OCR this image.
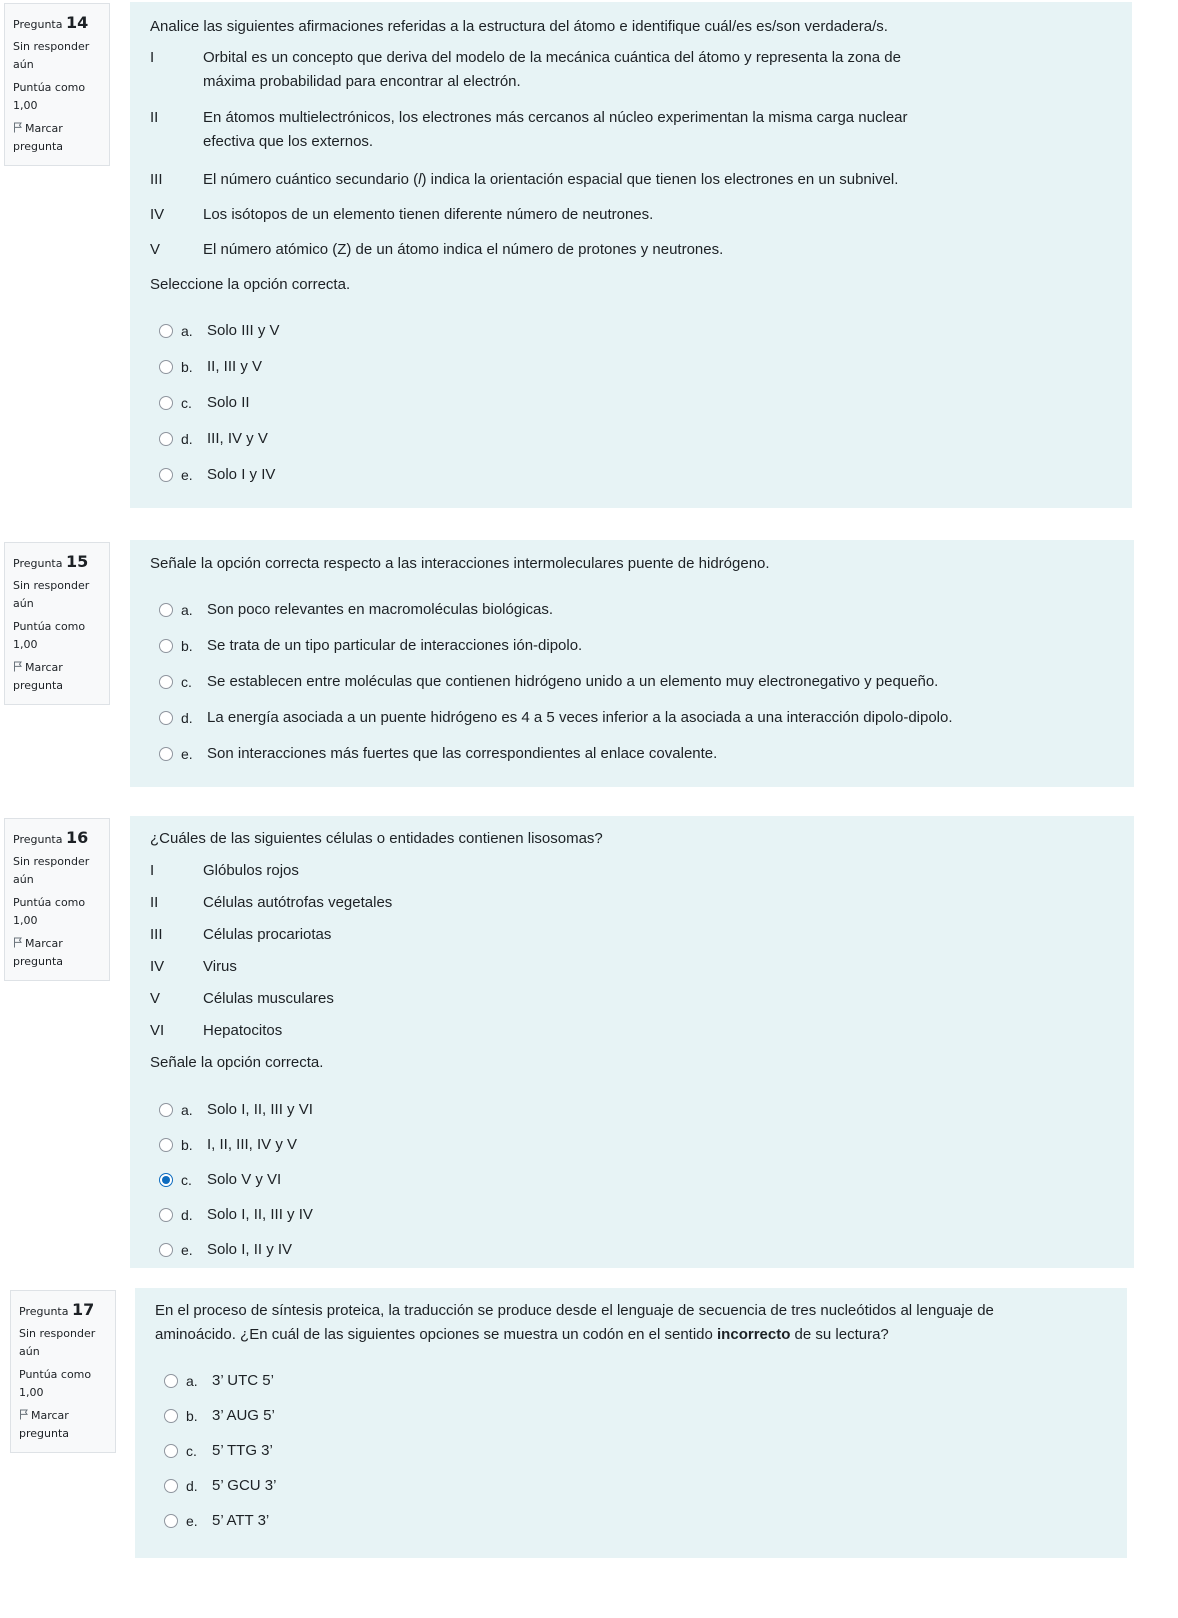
Pregunta 14
Sin responder aún
Puntúa como 1,00
Marcar pregunta

Analice las siguientes afirmaciones referidas a la estructura del átomo e identifique cuál/es es/son verdadera/s.

I	Orbital es un concepto que deriva del modelo de la mecánica cuántica del átomo y representa la zona de máxima probabilidad para encontrar al electrón.
II	En átomos multielectrónicos, los electrones más cercanos al núcleo experimentan la misma carga nuclear efectiva que los externos.
III	El número cuántico secundario (l) indica la orientación espacial que tienen los electrones en un subnivel.
IV	Los isótopos de un elemento tienen diferente número de neutrones.
V	El número atómico (Z) de un átomo indica el número de protones y neutrones.

Seleccione la opción correcta.

a. Solo III y V
b. II, III y V
c.	Solo II
d. III, IV y V
e. Solo I y IV
Pregunta 15
Sin responder aún
Puntúa como 1,00
Marcar pregunta

Señale la opción correcta respecto a las interacciones intermoleculares puente de hidrógeno.

a. Son poco relevantes en macromoléculas biológicas.
b. Se trata de un tipo particular de interacciones ión-dipolo.
c.	Se establecen entre moléculas que contienen hidrógeno unido a un elemento muy electronegativo y pequeño.
d. La energía asociada a un puente hidrógeno es 4 a 5 veces inferior a la asociada a una interacción dipolo-dipolo.
e. Son interacciones más fuertes que las correspondientes al enlace covalente.
Pregunta 16
Sin responder aún
Puntúa como 1,00
Marcar pregunta

¿Cuáles de las siguientes células o entidades contienen lisosomas?

I	Glóbulos rojos
II	Células autótrofas vegetales
III	Células procariotas
IV	Virus
V	Células musculares
VI	Hepatocitos

Señale la opción correcta.

a. Solo I, II, III y VI
b. I, II, III, IV y V
c.	Solo V y VI
d. Solo I, II, III y IV
e. Solo I, II y IV
Pregunta 17
Sin responder aún
Puntúa como 1,00
Marcar pregunta

En el proceso de síntesis proteica, la traducción se produce desde el lenguaje de secuencia de tres nucleótidos al lenguaje de aminoácido. ¿En cuál de las siguientes opciones se muestra un codón en el sentido incorrecto de su lectura?

a. 3’ UTC 5’
b. 3’ AUG 5’
c.	5’ TTG 3’
d. 5’ GCU 3’
e. 5’ ATT 3’
